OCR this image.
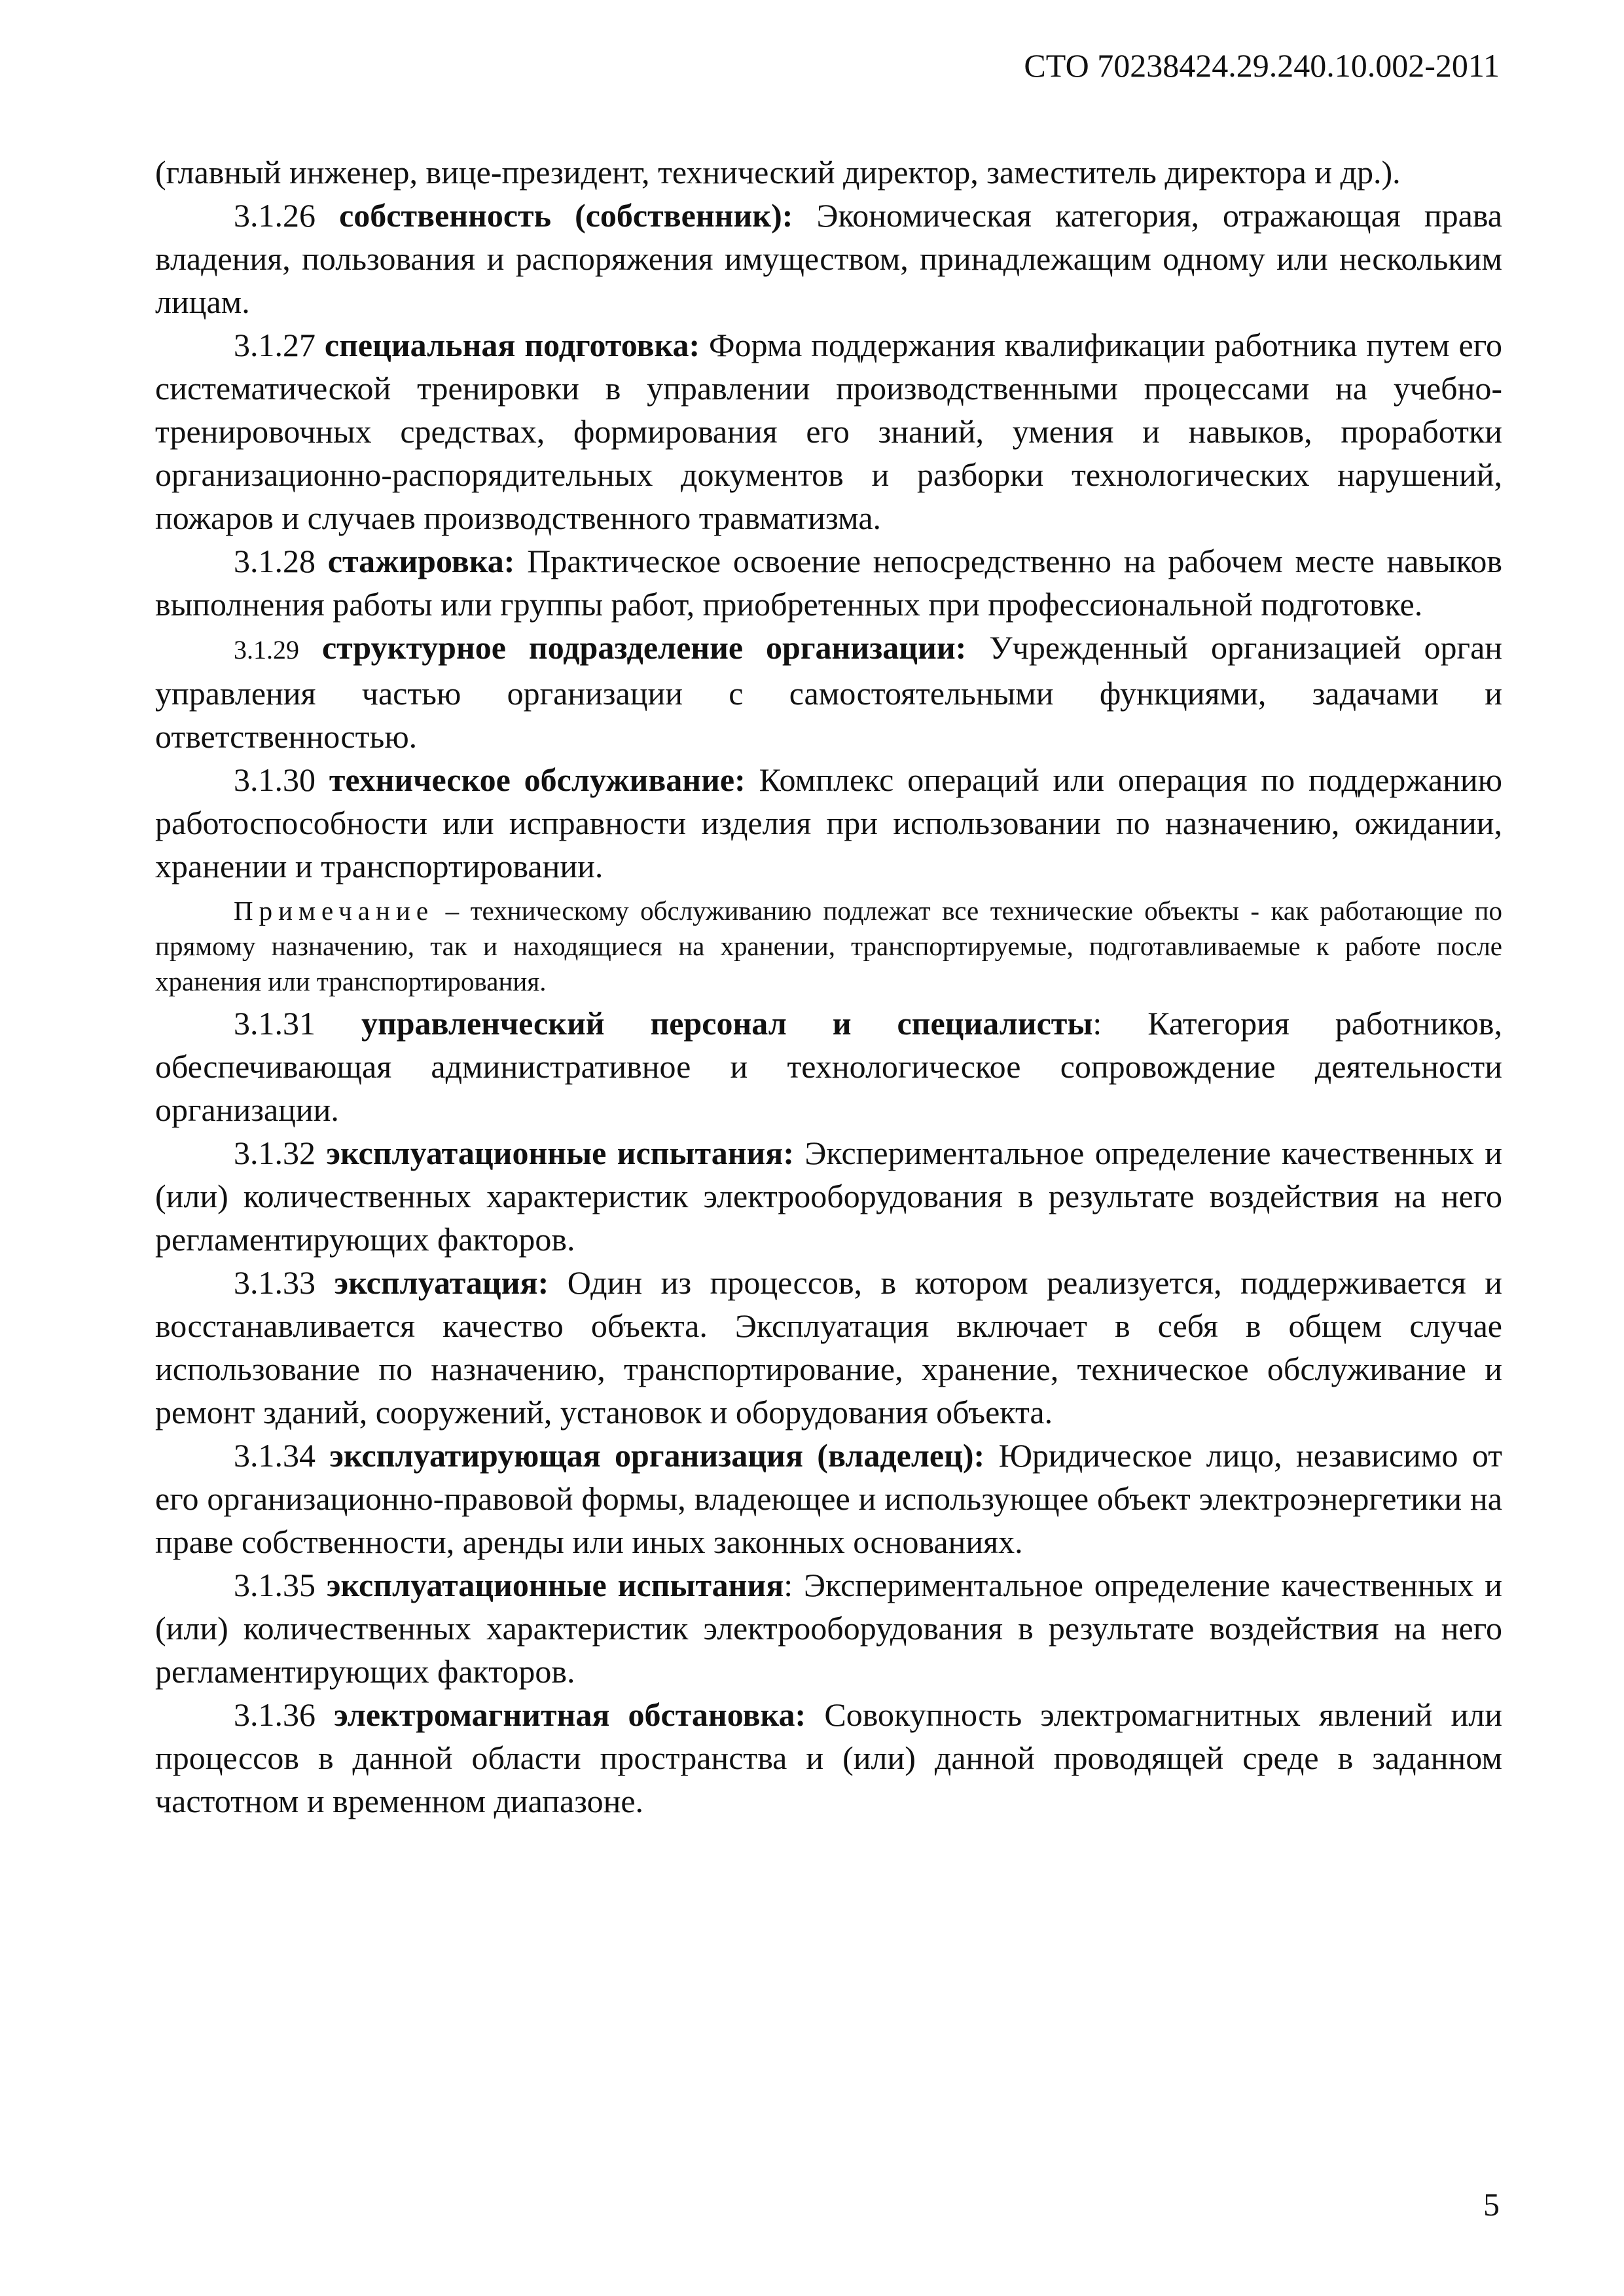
СТО 70238424.29.240.10.002-2011

(главный инженер, вице-президент, технический директор, заместитель директора и др.).

3.1.26 собственность (собственник): Экономическая категория, отражающая права владения, пользования и распоряжения имуществом, принадлежащим одному или нескольким лицам.

3.1.27 специальная подготовка: Форма поддержания квалификации работника путем его систематической тренировки в управлении производственными процессами на учебно-тренировочных средствах, формирования его знаний, умения и навыков, проработки организационно-распорядительных документов и разборки технологических нарушений, пожаров и случаев производственного травматизма.

3.1.28 стажировка: Практическое освоение непосредственно на рабочем месте навыков выполнения работы или группы работ, приобретенных при профессиональной подготовке.

3.1.29 структурное подразделение организации: Учрежденный организацией орган управления частью организации с самостоятельными функциями, задачами и ответственностью.

3.1.30 техническое обслуживание: Комплекс операций или операция по поддержанию работоспособности или исправности изделия при использовании по назначению, ожидании, хранении и транспортировании.

Примечание – техническому обслуживанию подлежат все технические объекты - как работающие по прямому назначению, так и находящиеся на хранении, транспортируемые, подготавливаемые к работе после хранения или транспортирования.

3.1.31 управленческий персонал и специалисты: Категория работников, обеспечивающая административное и технологическое сопровождение деятельности организации.

3.1.32 эксплуатационные испытания: Экспериментальное определение качественных и (или) количественных характеристик электрооборудования в результате воздействия на него регламентирующих факторов.

3.1.33 эксплуатация: Один из процессов, в котором реализуется, поддерживается и восстанавливается качество объекта. Эксплуатация включает в себя в общем случае использование по назначению, транспортирование, хранение, техническое обслуживание и ремонт зданий, сооружений, установок и оборудования объекта.

3.1.34 эксплуатирующая организация (владелец): Юридическое лицо, независимо от его организационно-правовой формы, владеющее и использующее объект электроэнергетики на праве собственности, аренды или иных законных основаниях.

3.1.35 эксплуатационные испытания: Экспериментальное определение качественных и (или) количественных характеристик электрооборудования в результате воздействия на него регламентирующих факторов.

3.1.36 электромагнитная обстановка: Совокупность электромагнитных явлений или процессов в данной области пространства и (или) данной проводящей среде в заданном частотном и временном диапазоне.

5
